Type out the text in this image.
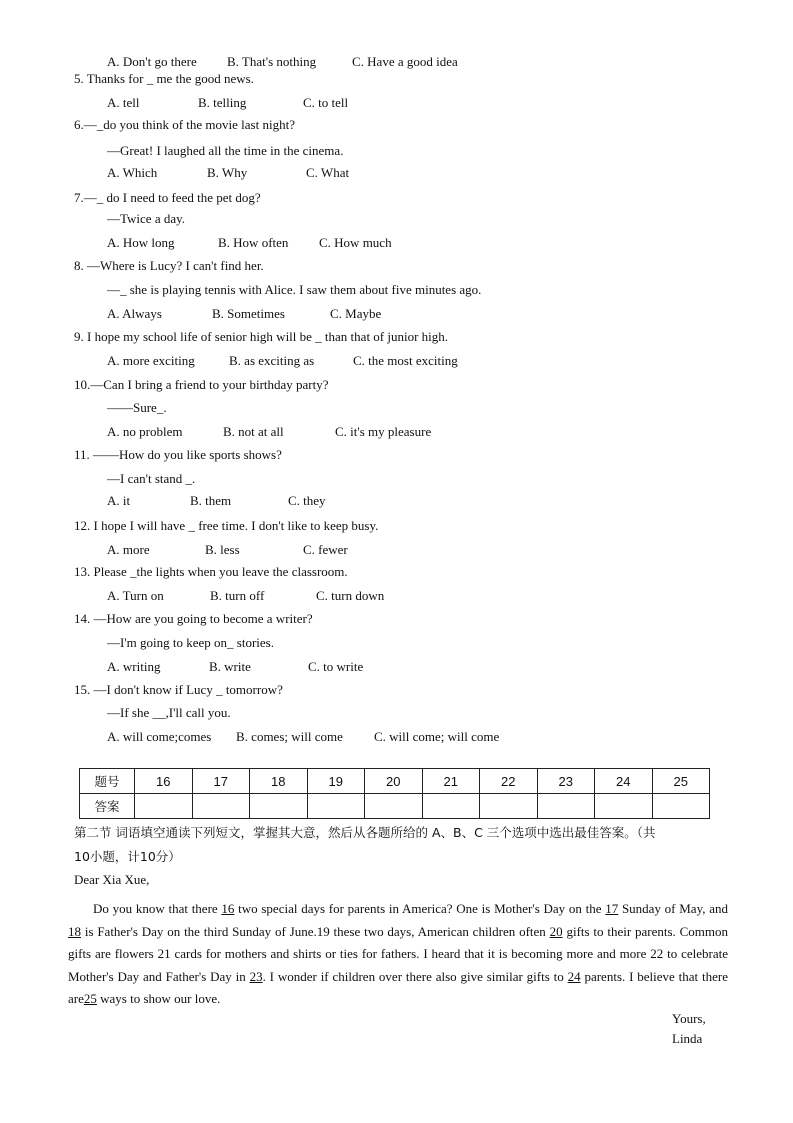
A. Don't go there B. That's nothing	C. Have a good idea
5. Thanks for _ me the good news.
A. tell	B. telling	C. to tell
6.—_do you think of the movie last night?
—Great! I laughed all the time in the cinema.
A. Which	B. Why	C. What
7.—_ do I need to feed the pet dog?
—Twice a day.
A. How long	B. How often C. How much
8. —Where is Lucy? I can't find her.
—_ she is playing tennis with Alice. I saw them about five minutes ago.
A. Always	B. Sometimes	C. Maybe
9. I hope my school life of senior high will be _ than that of junior high.
A. more exciting	B. as exciting as	C. the most exciting
10.—Can I bring a friend to your birthday party?
——Sure_.
A. no problem	B. not at all	C. it's my pleasure
11. ——How do you like sports shows?
—I can't stand _.
A. it	B. them	C. they
12. I hope I will have _ free time. I don't like to keep busy.
A. more	B. less	C. fewer
13. Please _the lights when you leave the classroom.
A. Turn on	B. turn off	C. turn down
14. —How are you going to become a writer?
—I'm going to keep on_ stories.
A. writing	B. write	C. to write
15. —I don't know if Lucy _ tomorrow?
—If she __,I'll call you.
A. will come;comes B. comes; will come C. will come; will come
题号	16	17	18	19	20	21	22	23	24	25
答案										
第二节 词语填空通读下列短文，掌握其大意，然后从各题所给的 A、B、C 三个选项中选出最佳答案。（共
10小题，计10分）
Dear Xia Xue,
Do you know that there 16 two special days for parents in America? One is Mother's Day on the 17 Sunday of May, and 18 is Father's Day on the third Sunday of June.19 these two days, American children often 20 gifts to their parents. Common gifts are flowers 21 cards for mothers and shirts or ties for fathers. I heard that it is becoming more and more 22 to celebrate Mother's Day and Father's Day in 23. I wonder if children over there also give similar gifts to 24 parents. I believe that there are25 ways to show our love.
Yours,
Linda
